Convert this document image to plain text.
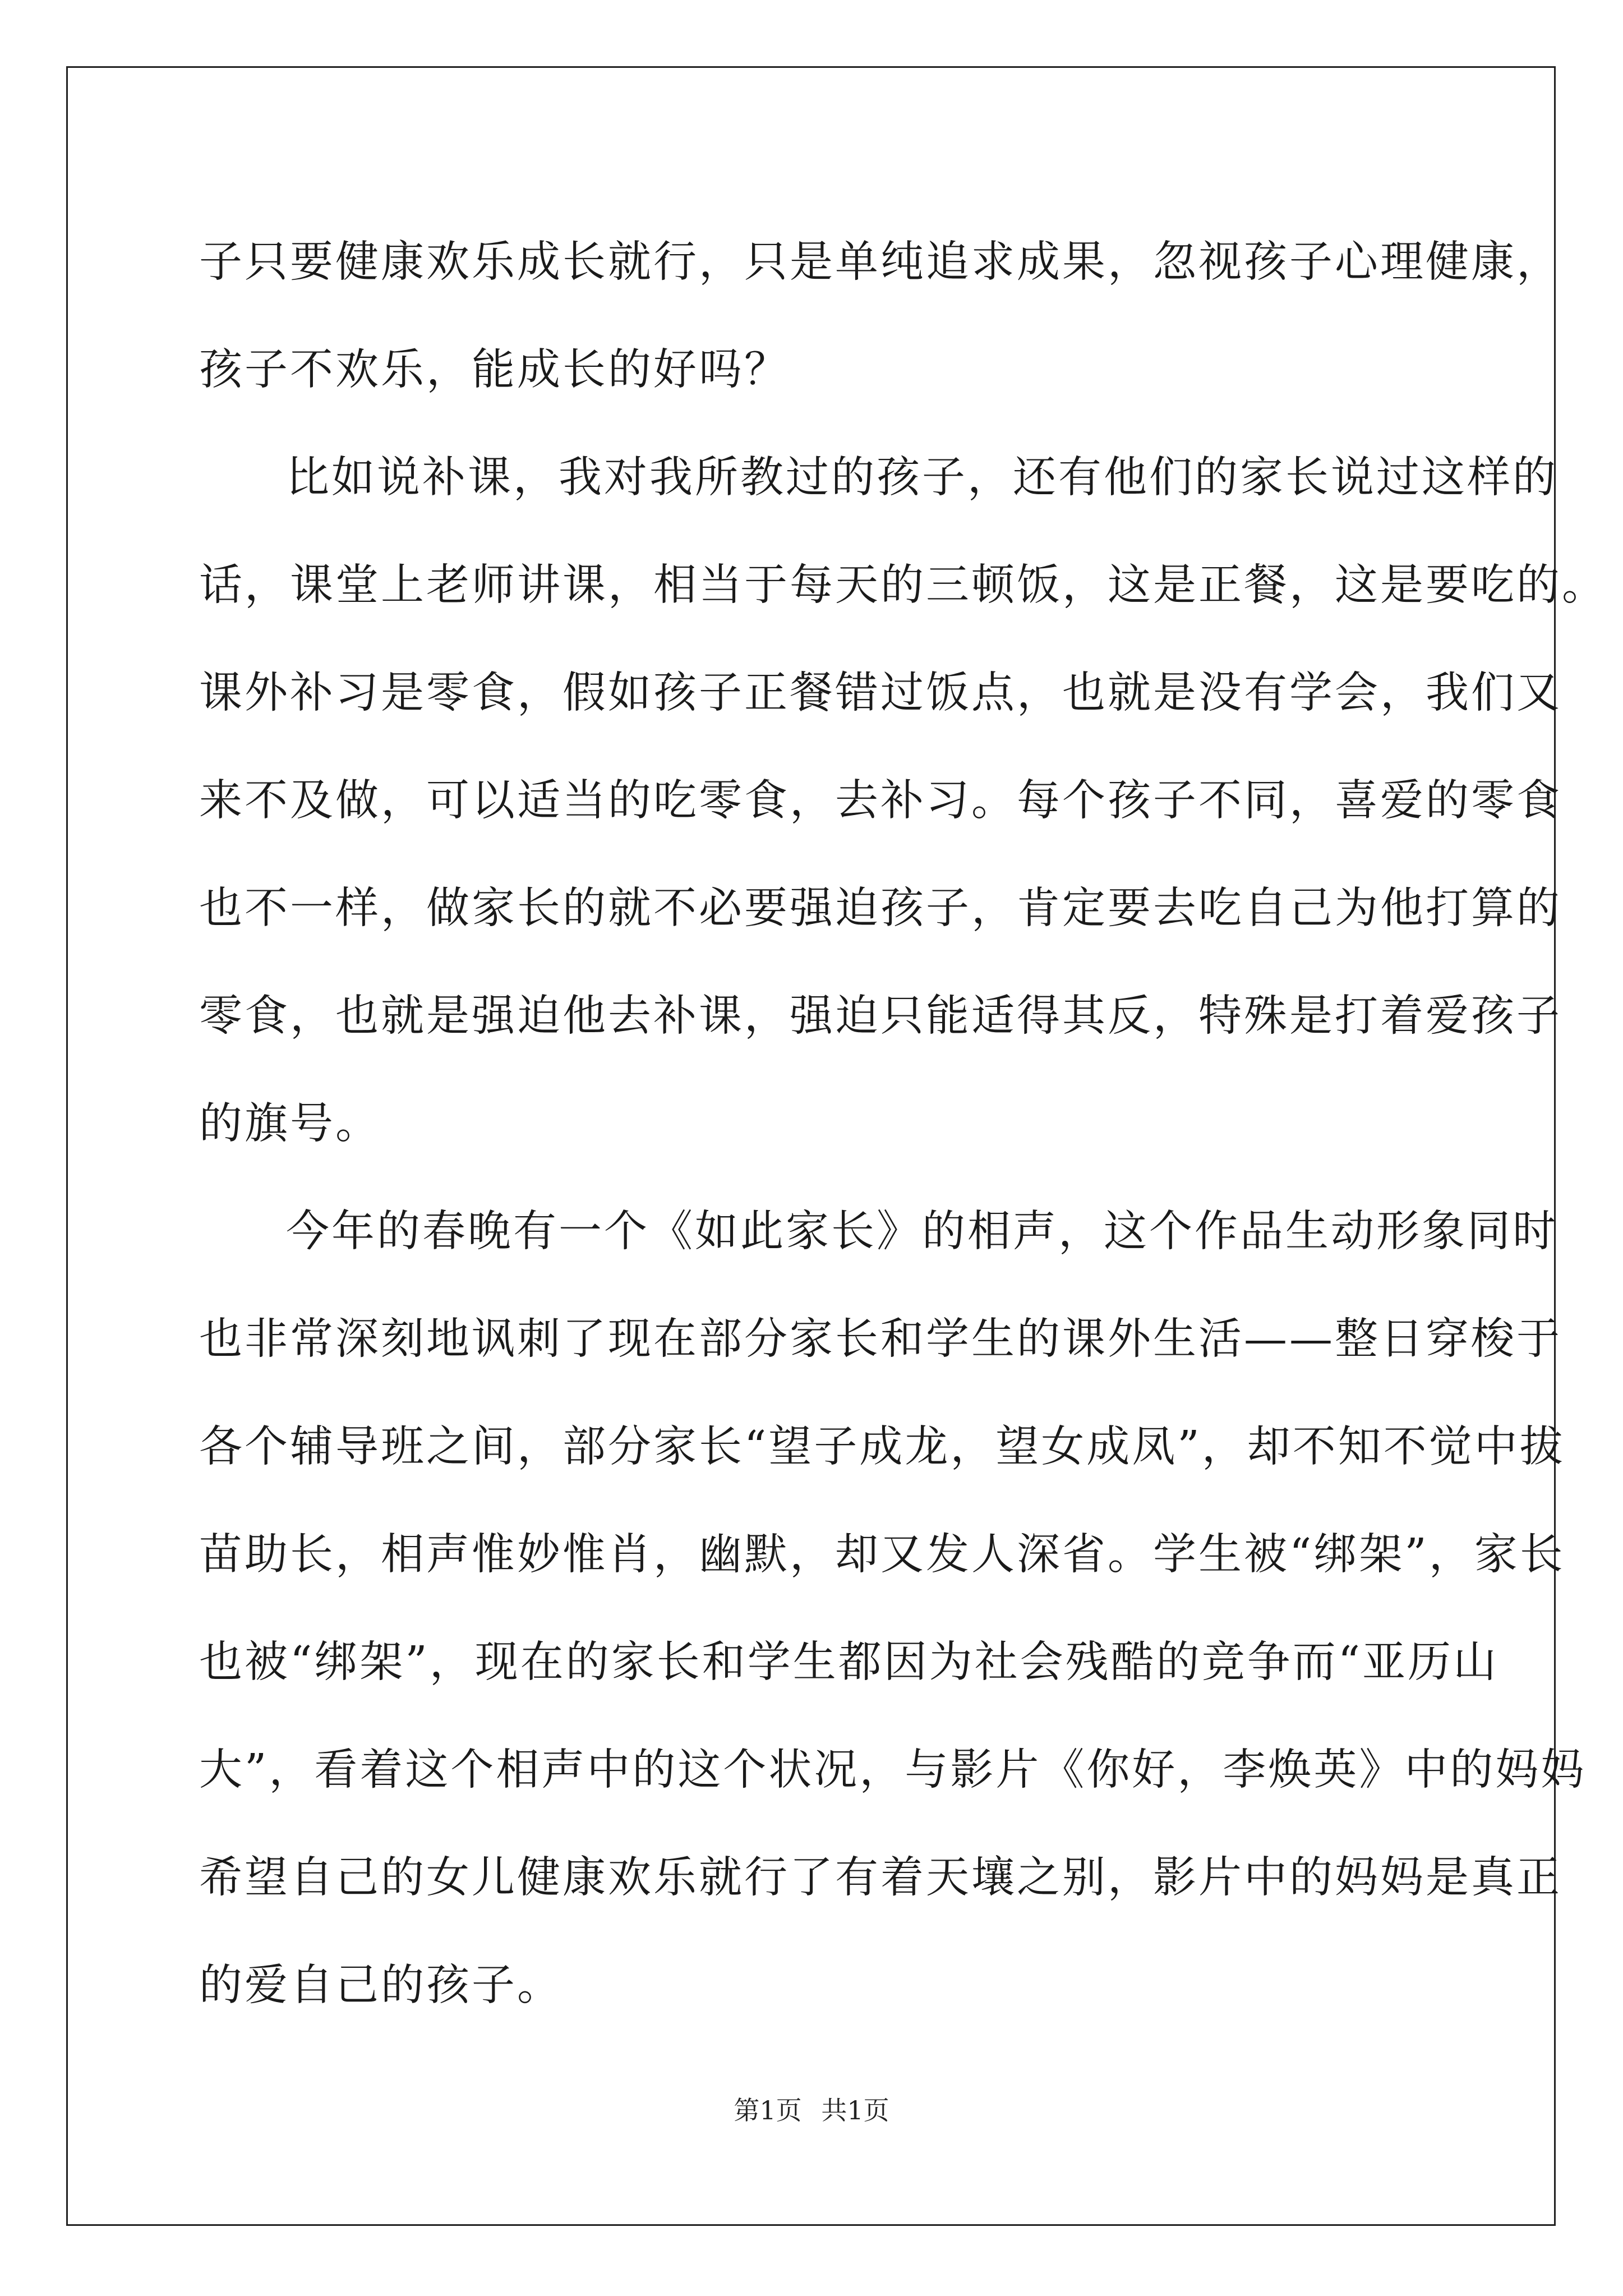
子只要健康欢乐成长就行，只是单纯追求成果，忽视孩子心理健康，
孩子不欢乐，能成长的好吗？
比如说补课，我对我所教过的孩子，还有他们的家长说过这样的
话，课堂上老师讲课，相当于每天的三顿饭，这是正餐，这是要吃的。
课外补习是零食，假如孩子正餐错过饭点，也就是没有学会，我们又
来不及做，可以适当的吃零食，去补习。每个孩子不同，喜爱的零食
也不一样，做家长的就不必要强迫孩子，肯定要去吃自己为他打算的
零食，也就是强迫他去补课，强迫只能适得其反，特殊是打着爱孩子
的旗号。
今年的春晚有一个《如此家长》的相声，这个作品生动形象同时
也非常深刻地讽刺了现在部分家长和学生的课外生活——整日穿梭于
各个辅导班之间，部分家长“望子成龙，望女成凤”，却不知不觉中拔
苗助长，相声惟妙惟肖，幽默，却又发人深省。学生被“绑架”，家长
也被“绑架”，现在的家长和学生都因为社会残酷的竞争而“亚历山
大”，看着这个相声中的这个状况，与影片《你好，李焕英》中的妈妈
希望自己的女儿健康欢乐就行了有着天壤之别，影片中的妈妈是真正
的爱自己的孩子。
第1页 共1页
